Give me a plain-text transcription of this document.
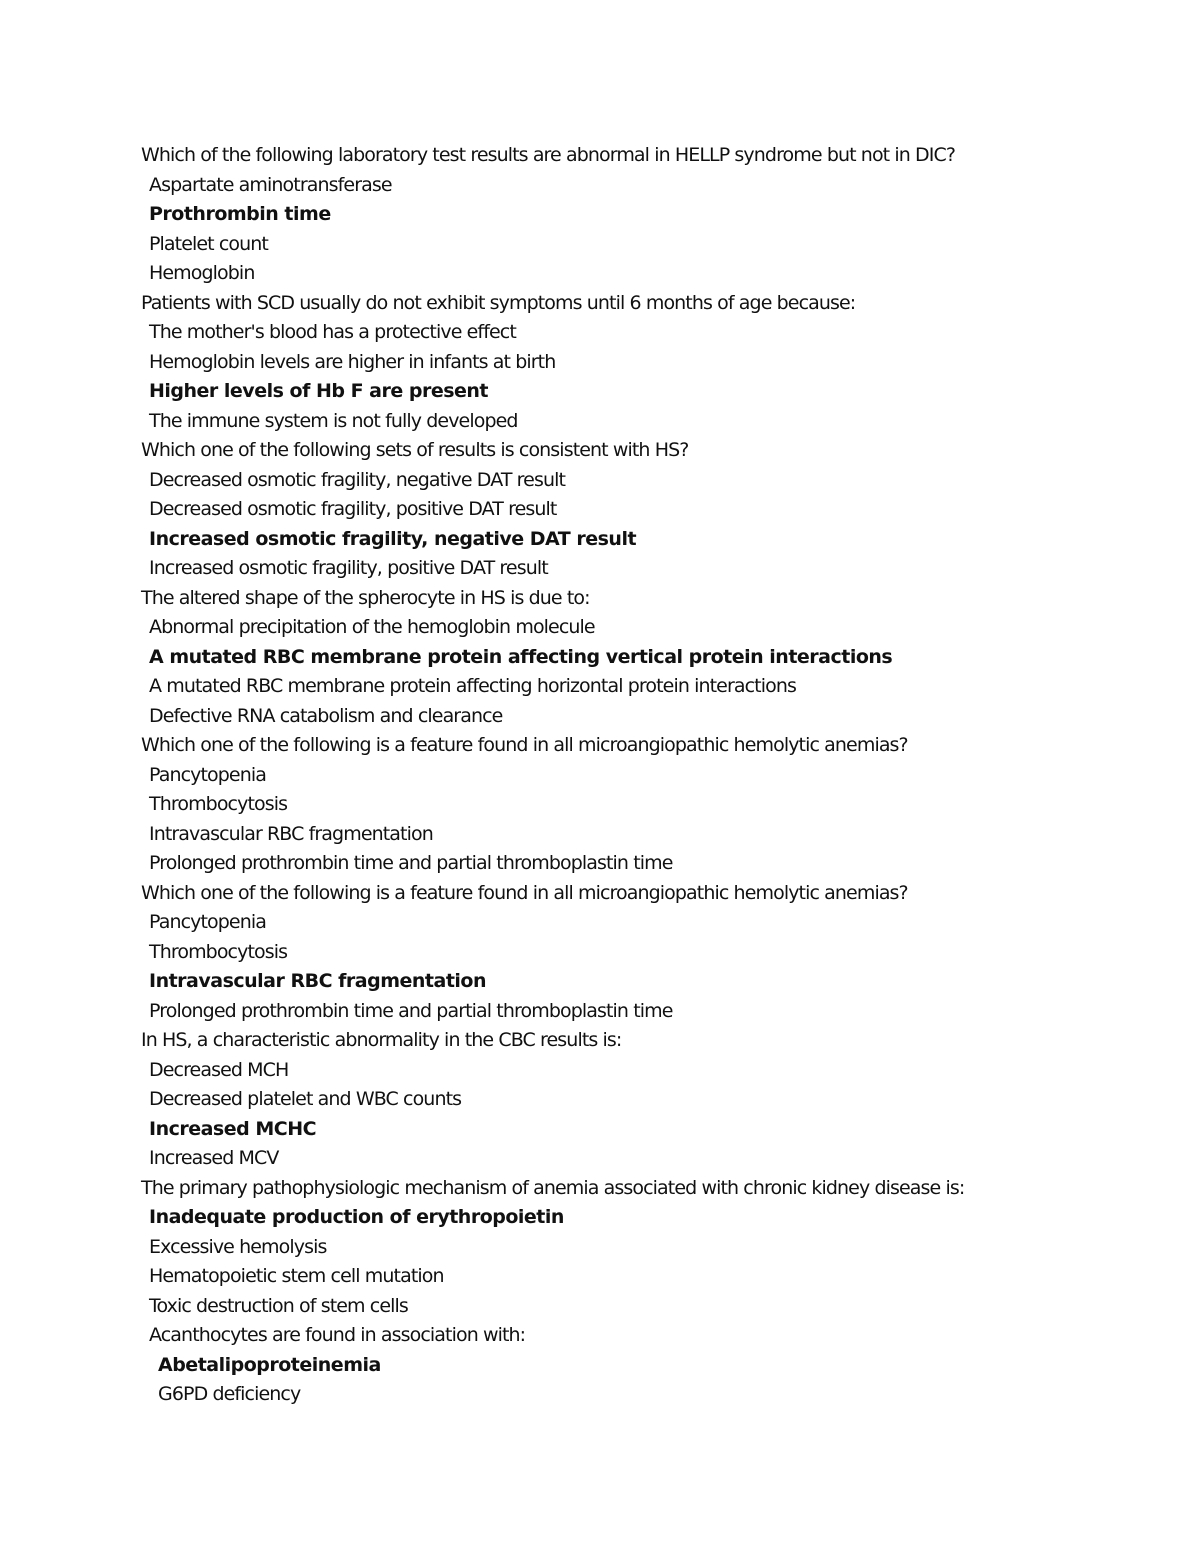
Which of the following laboratory test results are abnormal in HELLP syndrome but not in DIC?
Aspartate aminotransferase
Prothrombin time
Platelet count
Hemoglobin
Patients with SCD usually do not exhibit symptoms until 6 months of age because:
The mother's blood has a protective effect
Hemoglobin levels are higher in infants at birth
Higher levels of Hb F are present
The immune system is not fully developed
Which one of the following sets of results is consistent with HS?
Decreased osmotic fragility, negative DAT result
Decreased osmotic fragility, positive DAT result
Increased osmotic fragility, negative DAT result
Increased osmotic fragility, positive DAT result
The altered shape of the spherocyte in HS is due to:
Abnormal precipitation of the hemoglobin molecule
A mutated RBC membrane protein affecting vertical protein interactions
A mutated RBC membrane protein affecting horizontal protein interactions
Defective RNA catabolism and clearance
Which one of the following is a feature found in all microangiopathic hemolytic anemias?
Pancytopenia
Thrombocytosis
Intravascular RBC fragmentation
Prolonged prothrombin time and partial thromboplastin time
Which one of the following is a feature found in all microangiopathic hemolytic anemias?
Pancytopenia
Thrombocytosis
Intravascular RBC fragmentation
Prolonged prothrombin time and partial thromboplastin time
In HS, a characteristic abnormality in the CBC results is:
Decreased MCH
Decreased platelet and WBC counts
Increased MCHC
Increased MCV
The primary pathophysiologic mechanism of anemia associated with chronic kidney disease is:
Inadequate production of erythropoietin
Excessive hemolysis
Hematopoietic stem cell mutation
Toxic destruction of stem cells
Acanthocytes are found in association with:
Abetalipoproteinemia
G6PD deficiency
